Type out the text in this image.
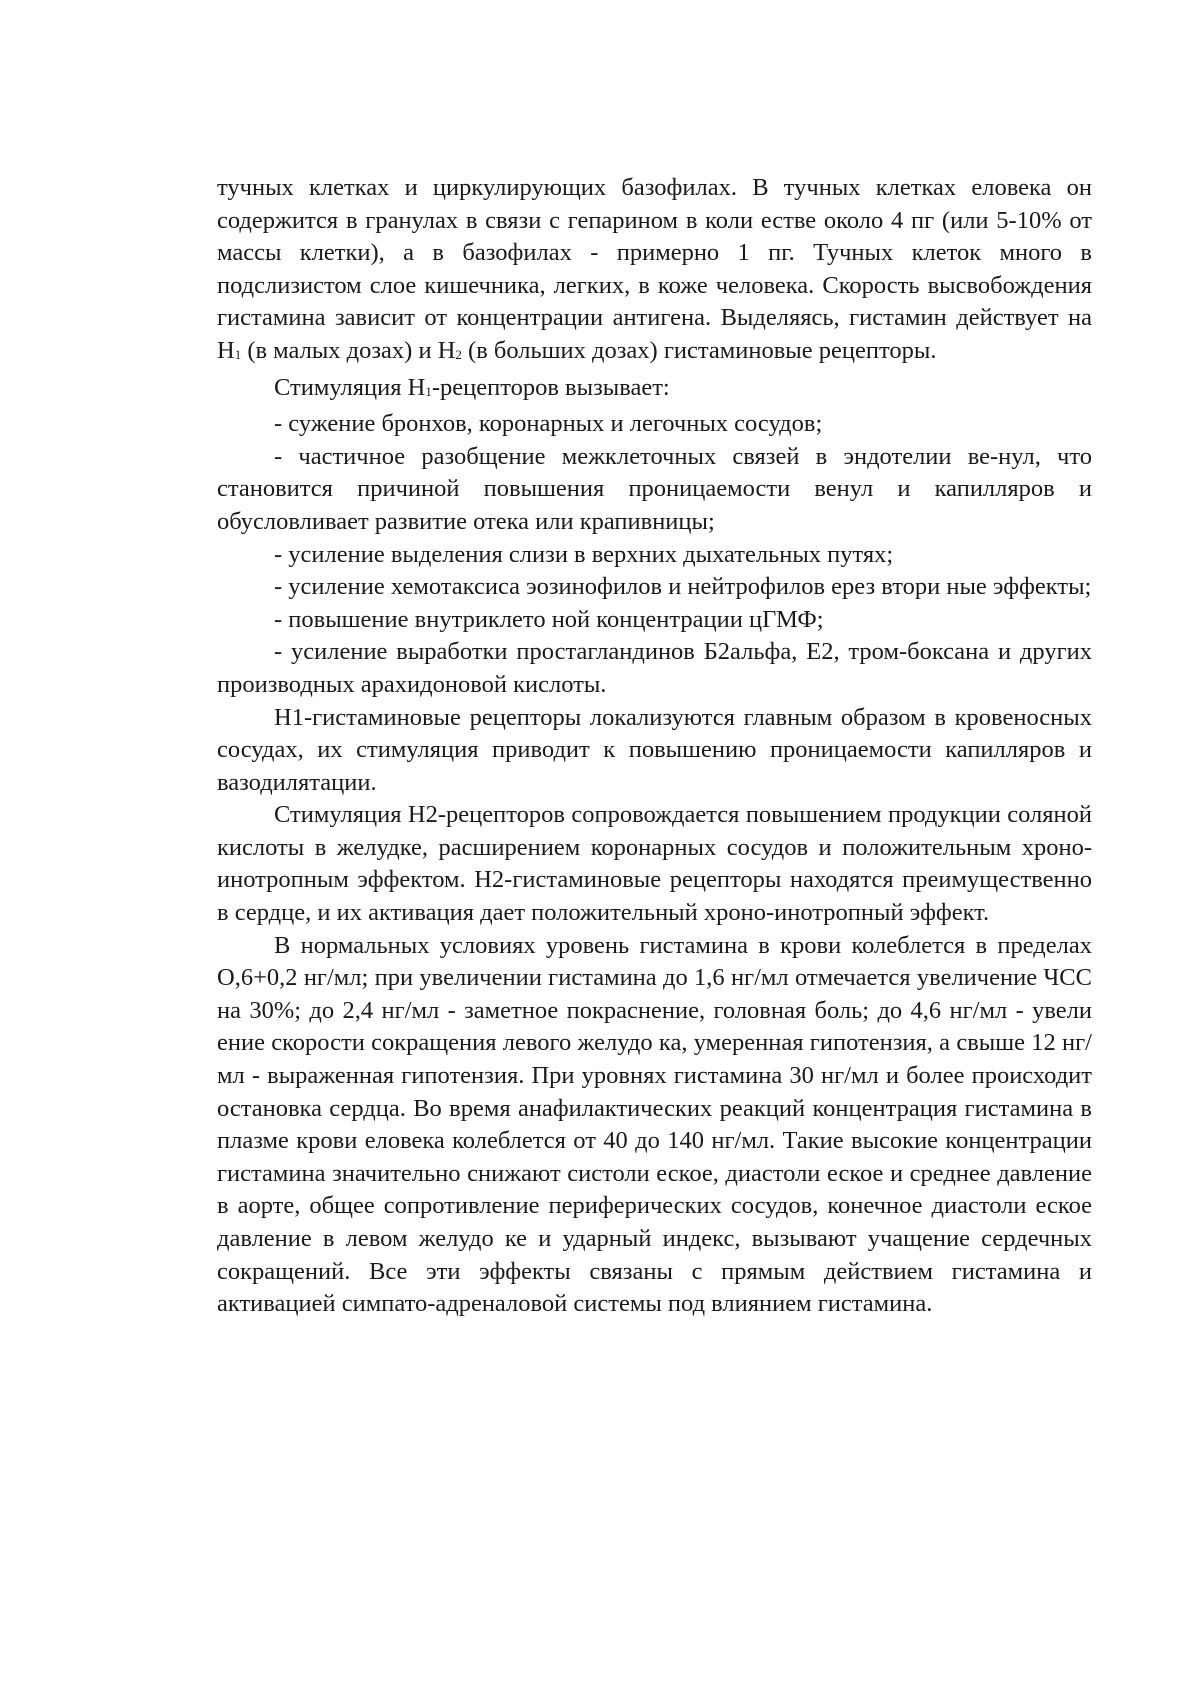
тучных клетках и циркулирующих базофилах. В тучных клетках еловека он содержится в гранулах в связи с гепарином в коли естве около 4 пг (или 5-10% от массы клетки), а в базофилах - примерно 1 пг. Тучных клеток много в подслизистом слое кишечника, легких, в коже человека. Скорость высвобождения гистамина зависит от концентрации антигена. Выделяясь, гистамин действует на Н1 (в малых дозах) и Н2 (в больших дозах) гистаминовые рецепторы.

Стимуляция Н1-рецепторов вызывает:

- сужение бронхов, коронарных и легочных сосудов;

- частичное разобщение межклеточных связей в эндотелии ве-нул, что становится причиной повышения проницаемости венул и капилляров и обусловливает развитие отека или крапивницы;

- усиление выделения слизи в верхних дыхательных путях;

- усиление хемотаксиса эозинофилов и нейтрофилов ерез втори ные эффекты;

- повышение внутриклето ной концентрации цГМФ;

- усиление выработки простагландинов Б2альфа, Е2, тром-боксана и других производных арахидоновой кислоты.

Н1-гистаминовые рецепторы локализуются главным образом в кровеносных сосудах, их стимуляция приводит к повышению проницаемости капилляров и вазодилятации.

Стимуляция Н2-рецепторов сопровождается повышением продукции соляной кислоты в желудке, расширением коронарных сосудов и положительным хроно-инотропным эффектом. Н2-гистаминовые рецепторы находятся преимущественно в сердце, и их активация дает положительный хроно-инотропный эффект.

В нормальных условиях уровень гистамина в крови колеблется в пределах О,6+0,2 нг/мл; при увеличении гистамина до 1,6 нг/мл отмечается увеличение ЧСС на 30%; до 2,4 нг/мл - заметное покраснение, головная боль; до 4,6 нг/мл - увели ение скорости сокращения левого желудо ка, умеренная гипотензия, а свыше 12 нг/мл - выраженная гипотензия. При уровнях гистамина 30 нг/мл и более происходит остановка сердца. Во время анафилактических реакций концентрация гистамина в плазме крови еловека колеблется от 40 до 140 нг/мл. Такие высокие концентрации гистамина значительно снижают систоли еское, диастоли еское и среднее давление в аорте, общее сопротивление периферических сосудов, конечное диастоли еское давление в левом желудо ке и ударный индекс, вызывают учащение сердечных сокращений. Все эти эффекты связаны с прямым действием гистамина и активацией симпато-адреналовой системы под влиянием гистамина.
